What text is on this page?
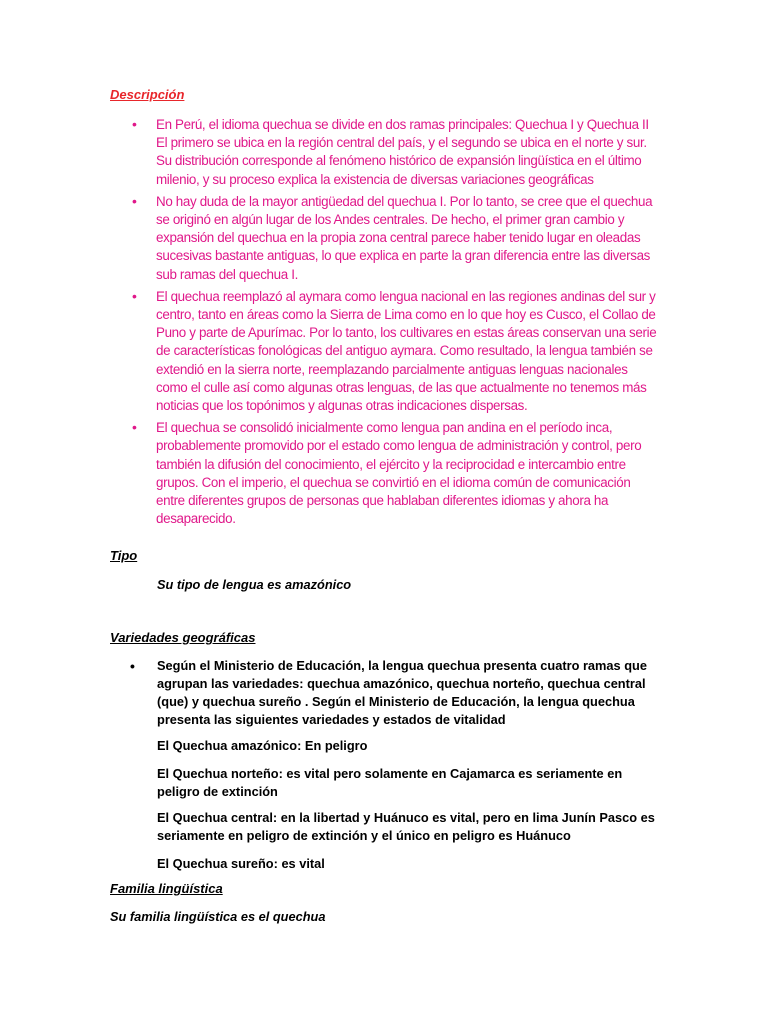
Descripción
• En Perú, el idioma quechua se divide en dos ramas principales: Quechua I y Quechua II El primero se ubica en la región central del país, y el segundo se ubica en el norte y sur. Su distribución corresponde al fenómeno histórico de expansión lingüística en el último milenio, y su proceso explica la existencia de diversas variaciones geográficas
• No hay duda de la mayor antigüedad del quechua I. Por lo tanto, se cree que el quechua se originó en algún lugar de los Andes centrales. De hecho, el primer gran cambio y expansión del quechua en la propia zona central parece haber tenido lugar en oleadas sucesivas bastante antiguas, lo que explica en parte la gran diferencia entre las diversas sub ramas del quechua I.
• El quechua reemplazó al aymara como lengua nacional en las regiones andinas del sur y centro, tanto en áreas como la Sierra de Lima como en lo que hoy es Cusco, el Collao de Puno y parte de Apurímac. Por lo tanto, los cultivares en estas áreas conservan una serie de características fonológicas del antiguo aymara. Como resultado, la lengua también se extendió en la sierra norte, reemplazando parcialmente antiguas lenguas nacionales como el culle así como algunas otras lenguas, de las que actualmente no tenemos más noticias que los topónimos y algunas otras indicaciones dispersas.
• El quechua se consolidó inicialmente como lengua pan andina en el período inca, probablemente promovido por el estado como lengua de administración y control, pero también la difusión del conocimiento, el ejército y la reciprocidad e intercambio entre grupos. Con el imperio, el quechua se convirtió en el idioma común de comunicación entre diferentes grupos de personas que hablaban diferentes idiomas y ahora ha desaparecido.
Tipo

Su tipo de lengua es amazónico

Variedades geográficas
• Según el Ministerio de Educación, la lengua quechua presenta cuatro ramas que agrupan las variedades: quechua amazónico, quechua norteño, quechua central (que) y quechua sureño . Según el Ministerio de Educación, la lengua quechua presenta las siguientes variedades y estados de vitalidad

El Quechua amazónico: En peligro

El Quechua norteño: es vital pero solamente en Cajamarca es seriamente en peligro de extinción

El Quechua central: en la libertad y Huánuco es vital, pero en lima Junín Pasco es seriamente en peligro de extinción y el único en peligro es Huánuco

El Quechua sureño: es vital

Familia lingüística

Su familia lingüística es el quechua
